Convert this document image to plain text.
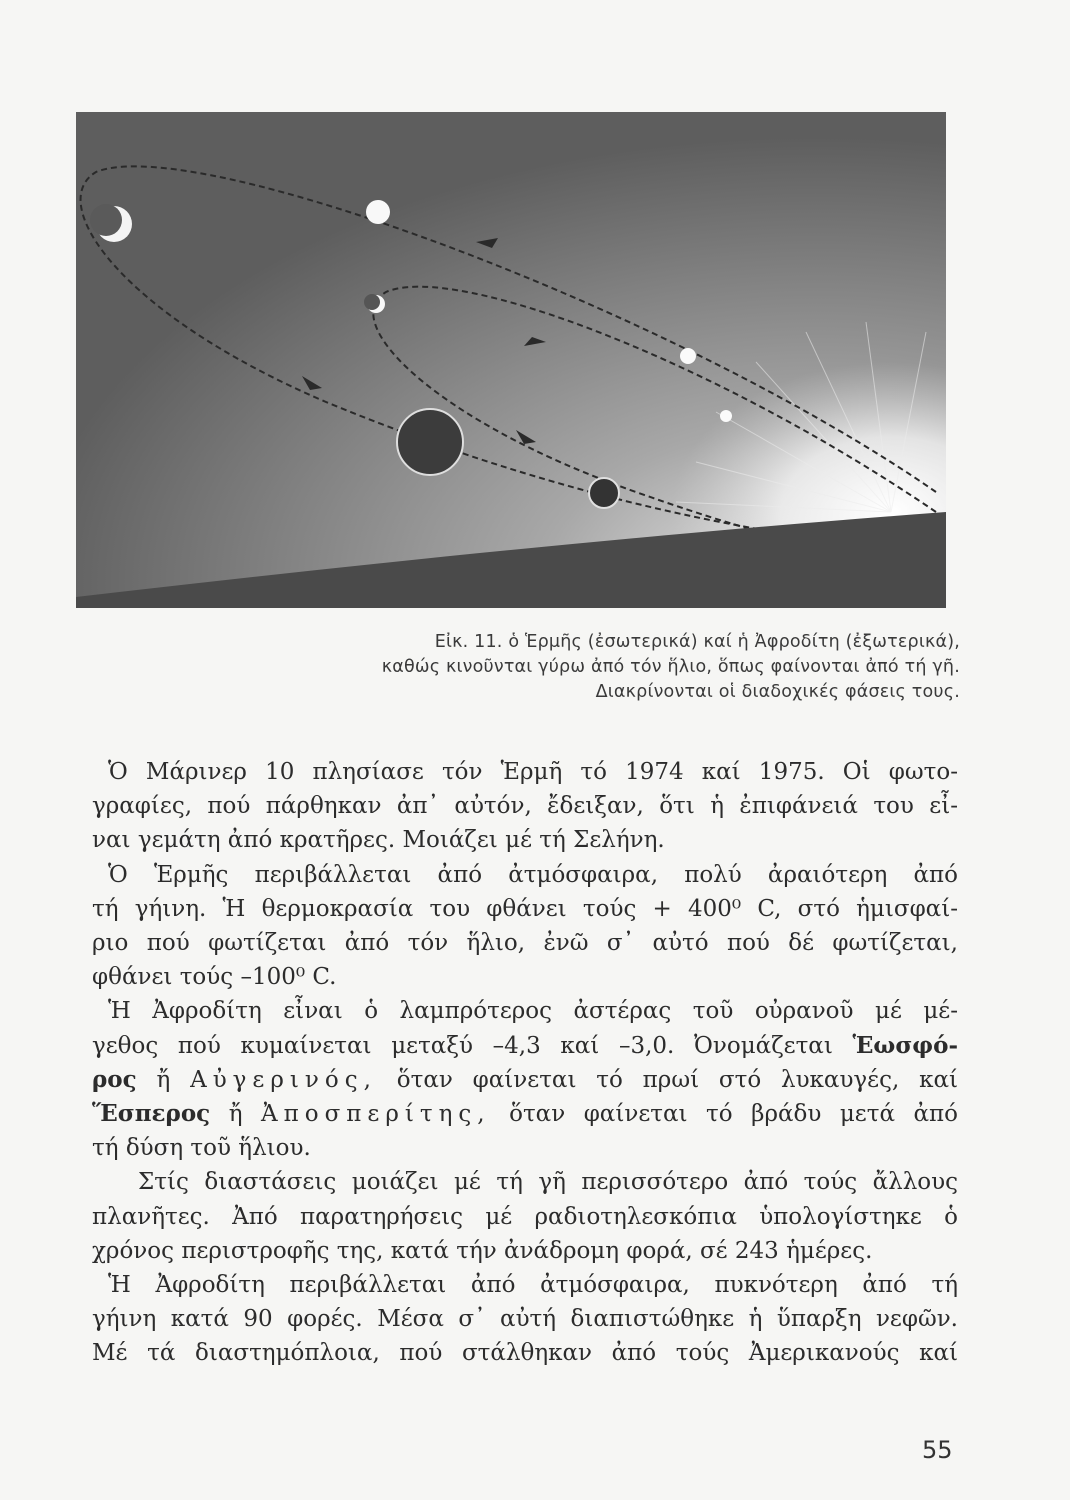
Εἰκ. 11. ὁ Ἑρμῆς (ἐσωτερικά) καί ἡ Ἀφροδίτη (ἐξωτερικά),
καθώς κινοῦνται γύρω ἀπό τόν ἥλιο, ὅπως φαίνονται ἀπό τή γῆ.
Διακρίνονται οἱ διαδοχικές φάσεις τους.

Ὁ Μάρινερ 10 πλησίασε τόν Ἑρμῆ τό 1974 καί 1975. Οἱ φωτο-
γραφίες, πού πάρθηκαν ἀπ᾽ αὐτόν, ἔδειξαν, ὅτι ἡ ἐπιφάνειά του εἶ-
ναι γεμάτη ἀπό κρατῆρες. Μοιάζει μέ τή Σελήνη.

Ὁ Ἑρμῆς περιβάλλεται ἀπό ἀτμόσφαιρα, πολύ ἀραιότερη ἀπό
τή γήινη. Ἡ θερμοκρασία του φθάνει τούς + 400⁰ C, στό ἡμισφαί-
ριο πού φωτίζεται ἀπό τόν ἥλιο, ἐνῶ σ᾽ αὐτό πού δέ φωτίζεται,
φθάνει τούς –100⁰ C.

Ἡ Ἀφροδίτη εἶναι ὁ λαμπρότερος ἀστέρας τοῦ οὐρανοῦ μέ μέ-
γεθος πού κυμαίνεται μεταξύ –4,3 καί –3,0. Ὀνομάζεται Ἑωσφό-
ρος ἤ Αὐγερινός, ὅταν φαίνεται τό πρωί στό λυκαυγές, καί
Ἕσπερος ἤ Ἀποσπερίτης, ὅταν φαίνεται τό βράδυ μετά ἀπό
τή δύση τοῦ ἥλιου.

Στίς διαστάσεις μοιάζει μέ τή γῆ περισσότερο ἀπό τούς ἄλλους
πλανῆτες. Ἀπό παρατηρήσεις μέ ραδιοτηλεσκόπια ὑπολογίστηκε ὁ
χρόνος περιστροφῆς της, κατά τήν ἀνάδρομη φορά, σέ 243 ἡμέρες.

Ἡ Ἀφροδίτη περιβάλλεται ἀπό ἀτμόσφαιρα, πυκνότερη ἀπό τή
γήινη κατά 90 φορές. Μέσα σ᾽ αὐτή διαπιστώθηκε ἡ ὕπαρξη νεφῶν.
Μέ τά διαστημόπλοια, πού στάλθηκαν ἀπό τούς Ἀμερικανούς καί

55
